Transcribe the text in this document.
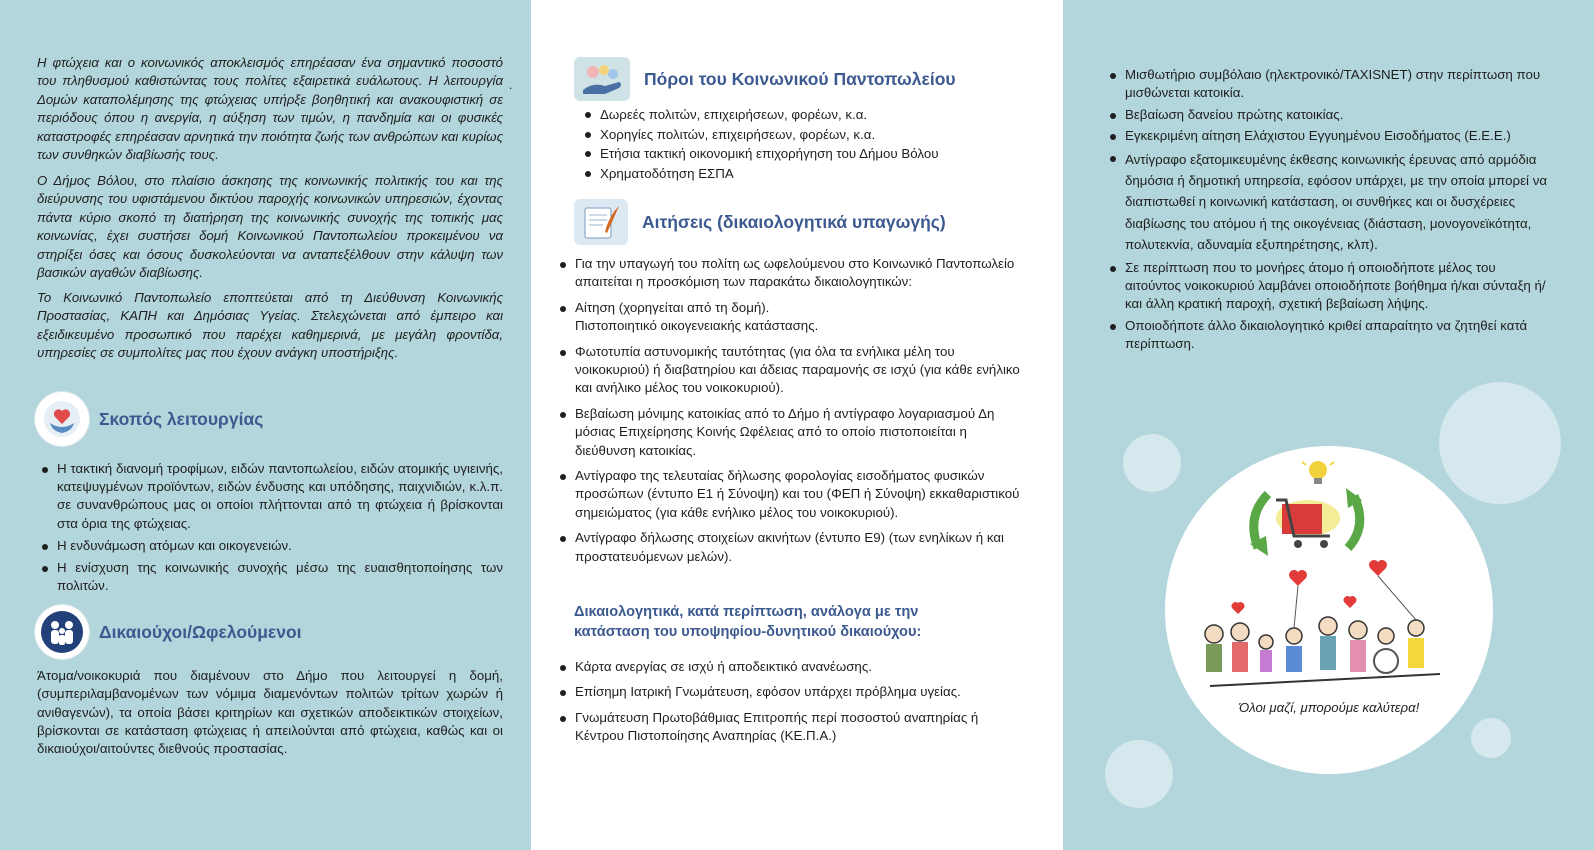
Η φτώχεια και ο κοινωνικός αποκλεισμός επηρέασαν ένα σημαντικό ποσοστό του πληθυσμού καθιστώντας τους πολίτες εξαιρετικά ευάλωτους. Η λειτουργία Δομών καταπολέμησης της φτώχειας υπήρξε βοηθητική και ανακουφιστική σε περιόδους όπου η ανεργία, η αύξηση των τιμών, η πανδημία και οι φυσικές καταστροφές επηρέασαν αρνητικά την ποιότητα ζωής των ανθρώπων και κυρίως των συνθηκών διαβίωσής τους.

Ο Δήμος Βόλου, στο πλαίσιο άσκησης της κοινωνικής πολιτικής του και της διεύρυνσης του υφιστάμενου δικτύου παροχής κοινωνικών υπηρεσιών, έχοντας πάντα κύριο σκοπό τη διατήρηση της κοινωνικής συνοχής της τοπικής μας κοινωνίας, έχει συστήσει δομή Κοινωνικού Παντοπωλείου προκειμένου να στηρίξει όσες και όσους δυσκολεύονται να ανταπεξέλθουν στην κάλυψη των βασικών αγαθών διαβίωσης.

Το Κοινωνικό Παντοπωλείο εποπτεύεται από τη Διεύθυνση Κοινωνικής Προστασίας, ΚΑΠΗ και Δημόσιας Υγείας. Στελεχώνεται από έμπειρο και εξειδικευμένο προσωπικό που παρέχει καθημερινά, με μεγάλη φροντίδα, υπηρεσίες σε συμπολίτες μας που έχουν ανάγκη υποστήριξης.

.
Σκοπός λειτουργίας
Η τακτική διανομή τροφίμων, ειδών παντοπωλείου, ειδών ατομικής υγιεινής, κατεψυγμένων προϊόντων, ειδών ένδυσης και υπόδησης, παιχνιδιών, κ.λ.π. σε συνανθρώπους μας οι οποίοι πλήττονται από τη φτώχεια ή βρίσκονται στα όρια της φτώχειας.
Η ενδυνάμωση ατόμων και οικογενειών.
Η ενίσχυση της κοινωνικής συνοχής μέσω της ευαισθητοποίησης των πολιτών.
Δικαιούχοι/Ωφελούμενοι

Άτομα/νοικοκυριά που διαμένουν στο Δήμο που λειτουργεί η δομή, (συμπεριλαμβανομένων των νόμιμα διαμενόντων πολιτών τρίτων χωρών ή ανιθαγενών), τα οποία βάσει κριτηρίων και σχετικών αποδεικτικών στοιχείων, βρίσκονται σε κατάσταση φτώχειας ή απειλούνται από φτώχεια, καθώς και οι δικαιούχοι/αιτούντες διεθνούς προστασίας.

Πόροι του Κοινωνικού Παντοπωλείου
Δωρεές πολιτών, επιχειρήσεων, φορέων, κ.α.
Χορηγίες πολιτών, επιχειρήσεων, φορέων, κ.α.
Ετήσια τακτική οικονομική επιχορήγηση του Δήμου Βόλου
Χρηματοδότηση ΕΣΠΑ
Αιτήσεις (δικαιολογητικά υπαγωγής)
Για την υπαγωγή του πολίτη ως ωφελούμενου στο Κοινωνικό Παντοπωλείο απαιτείται η προσκόμιση των παρακάτω δικαιολογητικών:
Αίτηση (χορηγείται από τη δομή).
Πιστοποιητικό οικογενειακής κατάστασης.
Φωτοτυπία αστυνομικής ταυτότητας (για όλα τα ενήλικα μέλη του νοικοκυριού) ή διαβατηρίου και άδειας παραμονής σε ισχύ (για κάθε ενήλικο και ανήλικο μέλος του νοικοκυριού).
Βεβαίωση μόνιμης κατοικίας από το Δήμο ή αντίγραφο λογαριασμού Δη μόσιας Επιχείρησης Κοινής Ωφέλειας από το οποίο πιστοποιείται η διεύθυνση κατοικίας.
Αντίγραφο της τελευταίας δήλωσης φορολογίας εισοδήματος φυσικών προσώπων (έντυπο Ε1 ή Σύνοψη) και του (ΦΕΠ ή Σύνοψη) εκκαθαριστικού σημειώματος (για κάθε ενήλικο μέλος του νοικοκυριού).
Αντίγραφο δήλωσης στοιχείων ακινήτων (έντυπο Ε9) (των ενηλίκων ή και προστατευόμενων μελών).

Δικαιολογητικά, κατά περίπτωση, ανάλογα με την κατάσταση του υποψηφίου-δυνητικού δικαιούχου:

Κάρτα ανεργίας σε ισχύ ή αποδεικτικό ανανέωσης.
Επίσημη Ιατρική Γνωμάτευση, εφόσον υπάρχει πρόβλημα υγείας.
Γνωμάτευση Πρωτοβάθμιας Επιτροπής περί ποσοστού αναπηρίας ή Κέντρου Πιστοποίησης Αναπηρίας (ΚΕ.Π.Α.)
Μισθωτήριο συμβόλαιο (ηλεκτρονικό/TAXISNET) στην περίπτωση που μισθώνεται κατοικία.
Βεβαίωση δανείου πρώτης κατοικίας.
Εγκεκριμένη αίτηση Ελάχιστου Εγγυημένου Εισοδήματος (Ε.Ε.Ε.)
Αντίγραφο εξατομικευμένης έκθεσης κοινωνικής έρευνας από αρμόδια δημόσια ή δημοτική υπηρεσία, εφόσον υπάρχει, με την οποία μπορεί να διαπιστωθεί η κοινωνική κατάσταση, οι συνθήκες και οι δυσχέρειες διαβίωσης του ατόμου ή της οικογένειας (διάσταση, μονογονεϊκότητα, πολυτεκνία, αδυναμία εξυπηρέτησης, κλπ).
Σε περίπτωση που το μονήρες άτομο ή οποιοδήποτε μέλος του αιτούντος νοικοκυριού λαμβάνει οποιοδήποτε βοήθημα ή/και σύνταξη ή/και άλλη κρατική παροχή, σχετική βεβαίωση λήψης.
Οποιοδήποτε άλλο δικαιολογητικό κριθεί απαραίτητο να ζητηθεί κατά περίπτωση.
Όλοι μαζί, μπορούμε καλύτερα!
